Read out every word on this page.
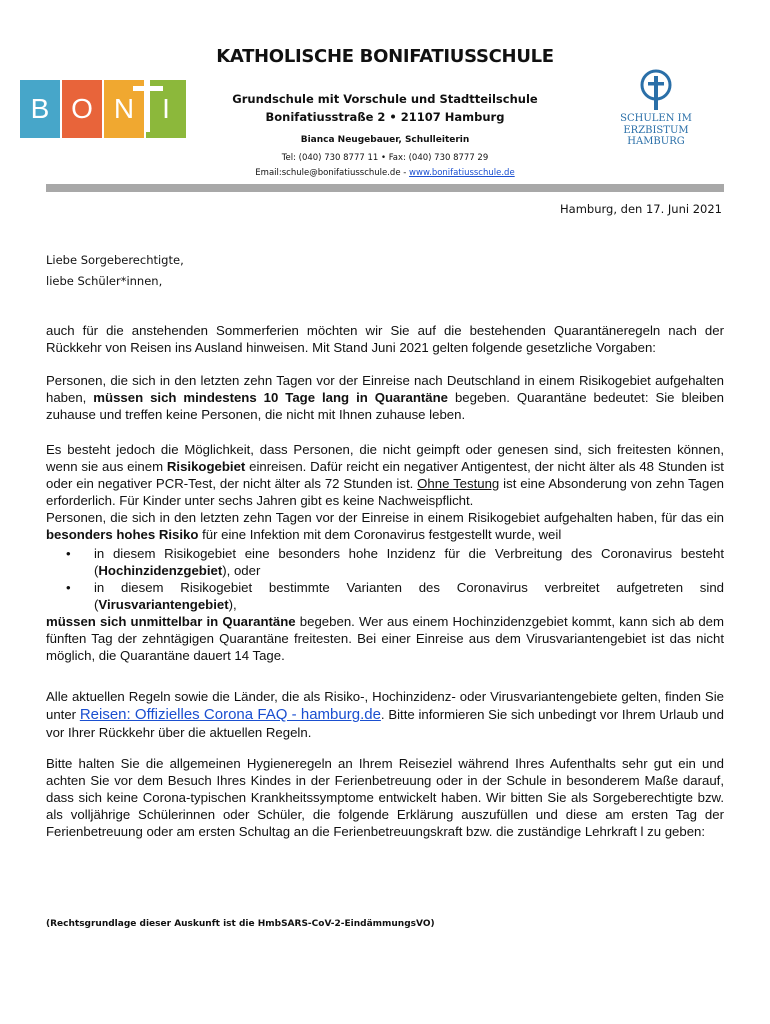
B O N I	SCHULEN IM
ERZBISTUM HAMBURG
KATHOLISCHE BONIFATIUSSCHULE
Grundschule mit Vorschule und Stadtteilschule
Bonifatiusstraße 2 • 21107 Hamburg
Bianca Neugebauer, Schulleiterin
Tel: (040) 730 8777 11 • Fax: (040) 730 8777 29
Email:schule@bonifatiusschule.de - www.bonifatiusschule.de
Hamburg, den 17. Juni 2021
Liebe Sorgeberechtigte,
liebe Schüler*innen,

auch für die anstehenden Sommerferien möchten wir Sie auf die bestehenden Quarantäneregeln nach der Rückkehr von Reisen ins Ausland hinweisen. Mit Stand Juni 2021 gelten folgende gesetzliche Vorgaben:

Personen, die sich in den letzten zehn Tagen vor der Einreise nach Deutschland in einem Risikogebiet aufgehalten haben, müssen sich mindestens 10 Tage lang in Quarantäne begeben. Quarantäne bedeutet: Sie bleiben zuhause und treffen keine Personen, die nicht mit Ihnen zuhause leben.

Es besteht jedoch die Möglichkeit, dass Personen, die nicht geimpft oder genesen sind, sich freitesten können, wenn sie aus einem Risikogebiet einreisen. Dafür reicht ein negativer Antigentest, der nicht älter als 48 Stunden ist oder ein negativer PCR-Test, der nicht älter als 72 Stunden ist. Ohne Testung ist eine Absonderung von zehn Tagen erforderlich. Für Kinder unter sechs Jahren gibt es keine Nachweispflicht.

Personen, die sich in den letzten zehn Tagen vor der Einreise in einem Risikogebiet aufgehalten haben, für das ein besonders hohes Risiko für eine Infektion mit dem Coronavirus festgestellt wurde, weil

• in diesem Risikogebiet eine besonders hohe Inzidenz für die Verbreitung des Coronavirus besteht (Hochinzidenzgebiet), oder
• in diesem Risikogebiet bestimmte Varianten des Coronavirus verbreitet aufgetreten sind (Virusvariantengebiet),

müssen sich unmittelbar in Quarantäne begeben. Wer aus einem Hochinzidenzgebiet kommt, kann sich ab dem fünften Tag der zehntägigen Quarantäne freitesten. Bei einer Einreise aus dem Virusvariantengebiet ist das nicht möglich, die Quarantäne dauert 14 Tage.

Alle aktuellen Regeln sowie die Länder, die als Risiko-, Hochinzidenz- oder Virusvariantengebiete gelten, finden Sie unter Reisen: Offizielles Corona FAQ - hamburg.de. Bitte informieren Sie sich unbedingt vor Ihrem Urlaub und vor Ihrer Rückkehr über die aktuellen Regeln.

Bitte halten Sie die allgemeinen Hygieneregeln an Ihrem Reiseziel während Ihres Aufenthalts sehr gut ein und achten Sie vor dem Besuch Ihres Kindes in der Ferienbetreuung oder in der Schule in besonderem Maße darauf, dass sich keine Corona-typischen Krankheitssymptome entwickelt haben. Wir bitten Sie als Sorgeberechtigte bzw. als volljährige Schülerinnen oder Schüler, die folgende Erklärung auszufüllen und diese am ersten Tag der Ferienbetreuung oder am ersten Schultag an die Ferienbetreuungskraft bzw. die zuständige Lehrkraft l zu geben:

(Rechtsgrundlage dieser Auskunft ist die HmbSARS-CoV-2-EindämmungsVO)
